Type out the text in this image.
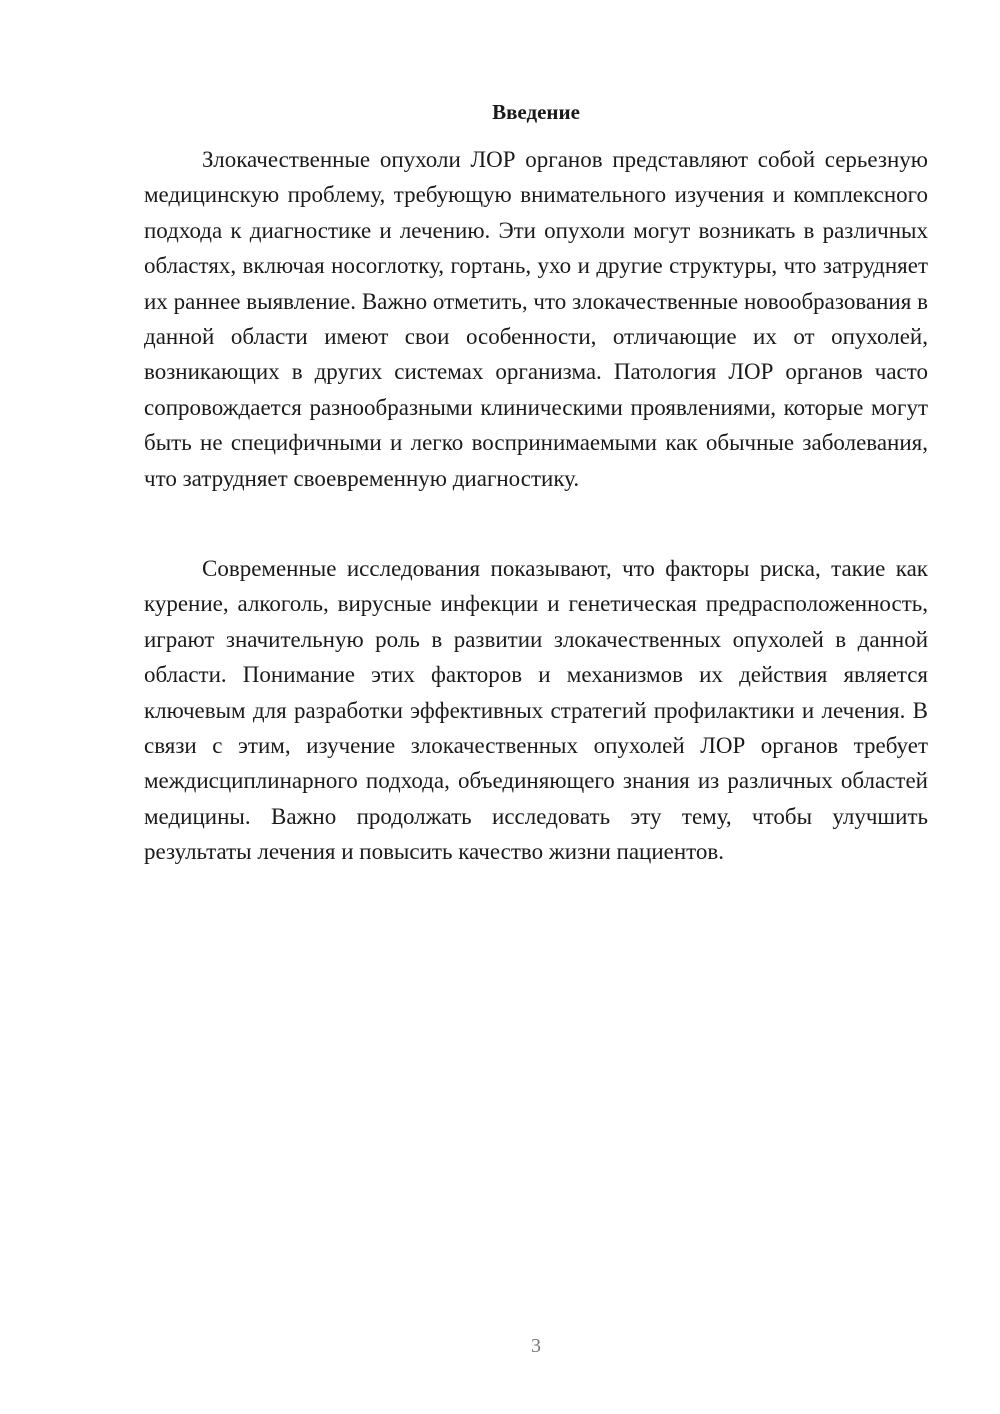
Введение

Злокачественные опухоли ЛОР органов представляют собой серьезную медицинскую проблему, требующую внимательного изучения и комплексного подхода к диагностике и лечению. Эти опухоли могут возникать в различных областях, включая носоглотку, гортань, ухо и другие структуры, что затрудняет их раннее выявление. Важно отметить, что злокачественные новообразования в данной области имеют свои особенности, отличающие их от опухолей, возникающих в других системах организма. Патология ЛОР органов часто сопровождается разнообразными клиническими проявлениями, которые могут быть не специфичными и легко воспринимаемыми как обычные заболевания, что затрудняет своевременную диагностику.

Современные исследования показывают, что факторы риска, такие как курение, алкоголь, вирусные инфекции и генетическая предрасположенность, играют значительную роль в развитии злокачественных опухолей в данной области. Понимание этих факторов и механизмов их действия является ключевым для разработки эффективных стратегий профилактики и лечения. В связи с этим, изучение злокачественных опухолей ЛОР органов требует междисциплинарного подхода, объединяющего знания из различных областей медицины. Важно продолжать исследовать эту тему, чтобы улучшить результаты лечения и повысить качество жизни пациентов.

3
